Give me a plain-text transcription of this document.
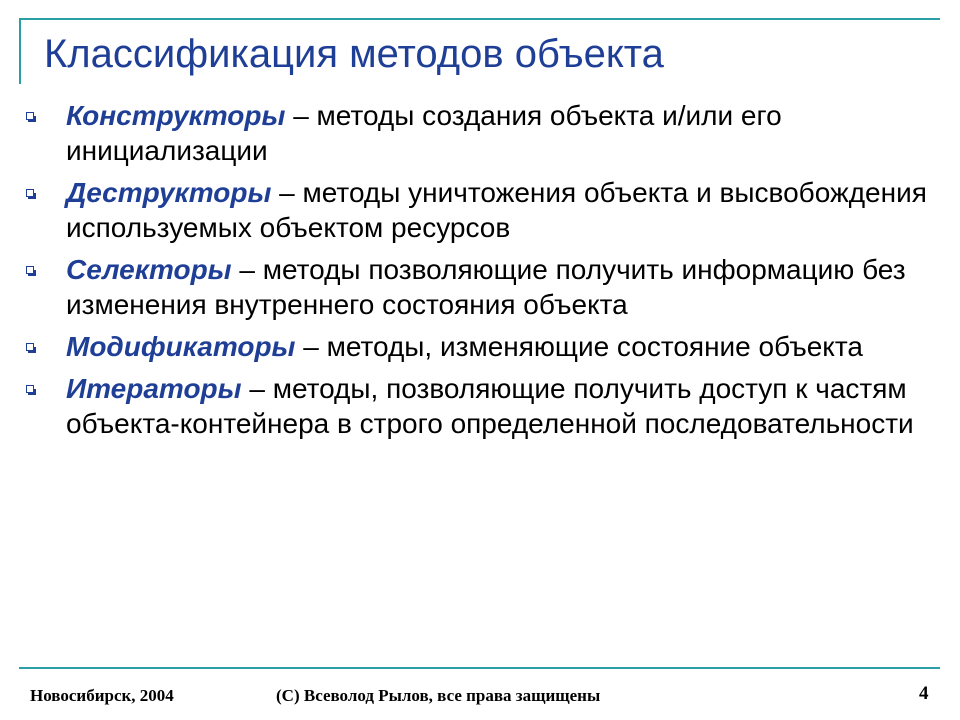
Классификация методов объекта
Конструкторы – методы создания объекта и/или его инициализации
Деструкторы – методы уничтожения объекта и высвобождения используемых объектом ресурсов
Селекторы – методы позволяющие получить информацию без изменения внутреннего состояния объекта
Модификаторы – методы, изменяющие состояние объекта
Итераторы – методы, позволяющие получить доступ к частям объекта-контейнера в строго определенной последовательности
Новосибирск, 2004	(C) Всеволод Рылов, все права защищены	4
